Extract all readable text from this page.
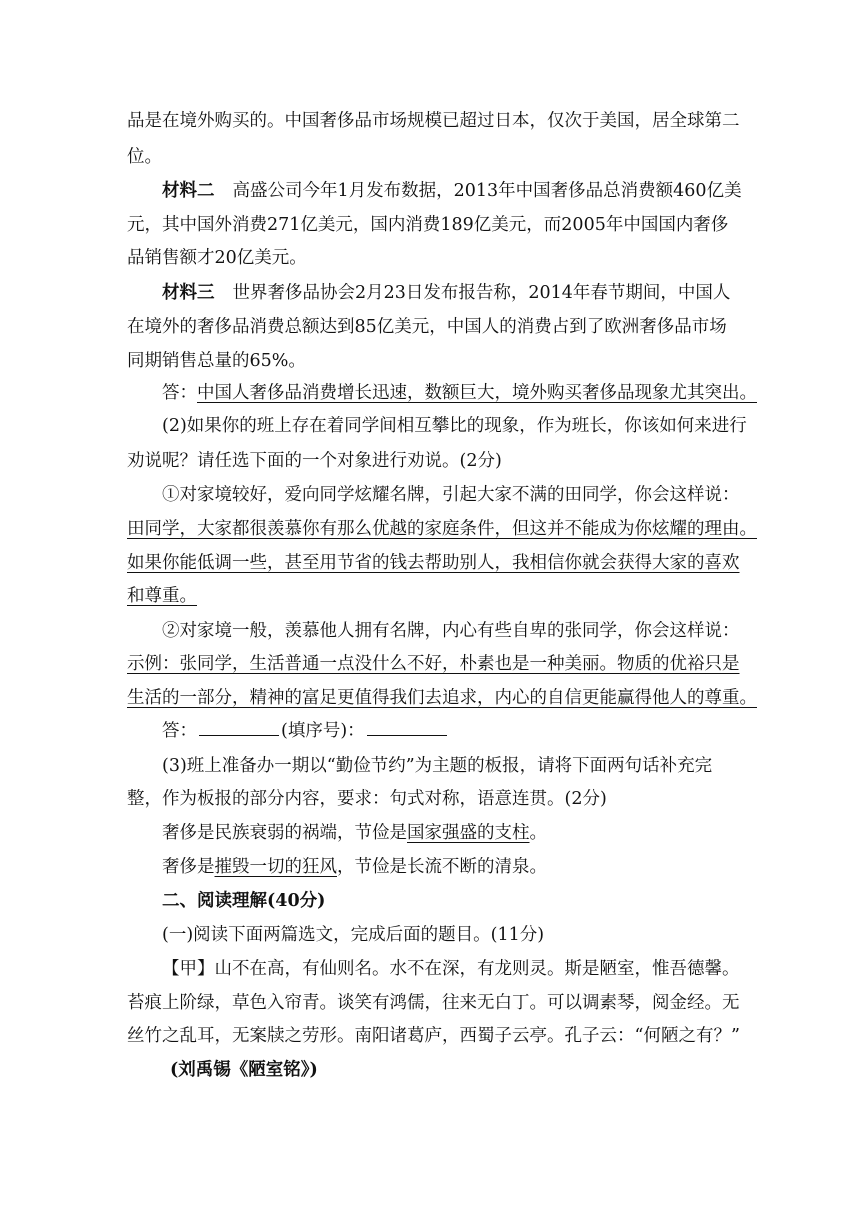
品是在境外购买的。中国奢侈品市场规模已超过日本，仅次于美国，居全球第二
位。
材料二 高盛公司今年1月发布数据，2013年中国奢侈品总消费额460亿美
元，其中国外消费271亿美元，国内消费189亿美元，而2005年中国国内奢侈
品销售额才20亿美元。
材料三 世界奢侈品协会2月23日发布报告称，2014年春节期间，中国人
在境外的奢侈品消费总额达到85亿美元，中国人的消费占到了欧洲奢侈品市场
同期销售总量的65%。
答：中国人奢侈品消费增长迅速，数额巨大，境外购买奢侈品现象尤其突出。
(2)如果你的班上存在着同学间相互攀比的现象，作为班长，你该如何来进行
劝说呢？请任选下面的一个对象进行劝说。(2分)
①对家境较好，爱向同学炫耀名牌，引起大家不满的田同学，你会这样说：
田同学，大家都很羡慕你有那么优越的家庭条件，但这并不能成为你炫耀的理由。
如果你能低调一些，甚至用节省的钱去帮助别人，我相信你就会获得大家的喜欢
和尊重。
②对家境一般，羡慕他人拥有名牌，内心有些自卑的张同学，你会这样说：
示例：张同学，生活普通一点没什么不好，朴素也是一种美丽。物质的优裕只是
生活的一部分，精神的富足更值得我们去追求，内心的自信更能赢得他人的尊重。
答：	(填序号)：
(3)班上准备办一期以“勤俭节约”为主题的板报，请将下面两句话补充完
整，作为板报的部分内容，要求：句式对称，语意连贯。(2分)
奢侈是民族衰弱的祸端，节俭是国家强盛的支柱。
奢侈是摧毁一切的狂风，节俭是长流不断的清泉。
二、阅读理解(40分)
(一)阅读下面两篇选文，完成后面的题目。(11分)
【甲】山不在高，有仙则名。水不在深，有龙则灵。斯是陋室，惟吾德馨。
苔痕上阶绿，草色入帘青。谈笑有鸿儒，往来无白丁。可以调素琴，阅金经。无
丝竹之乱耳，无案牍之劳形。南阳诸葛庐，西蜀子云亭。孔子云：“何陋之有？”
(刘禹锡《陋室铭》)
